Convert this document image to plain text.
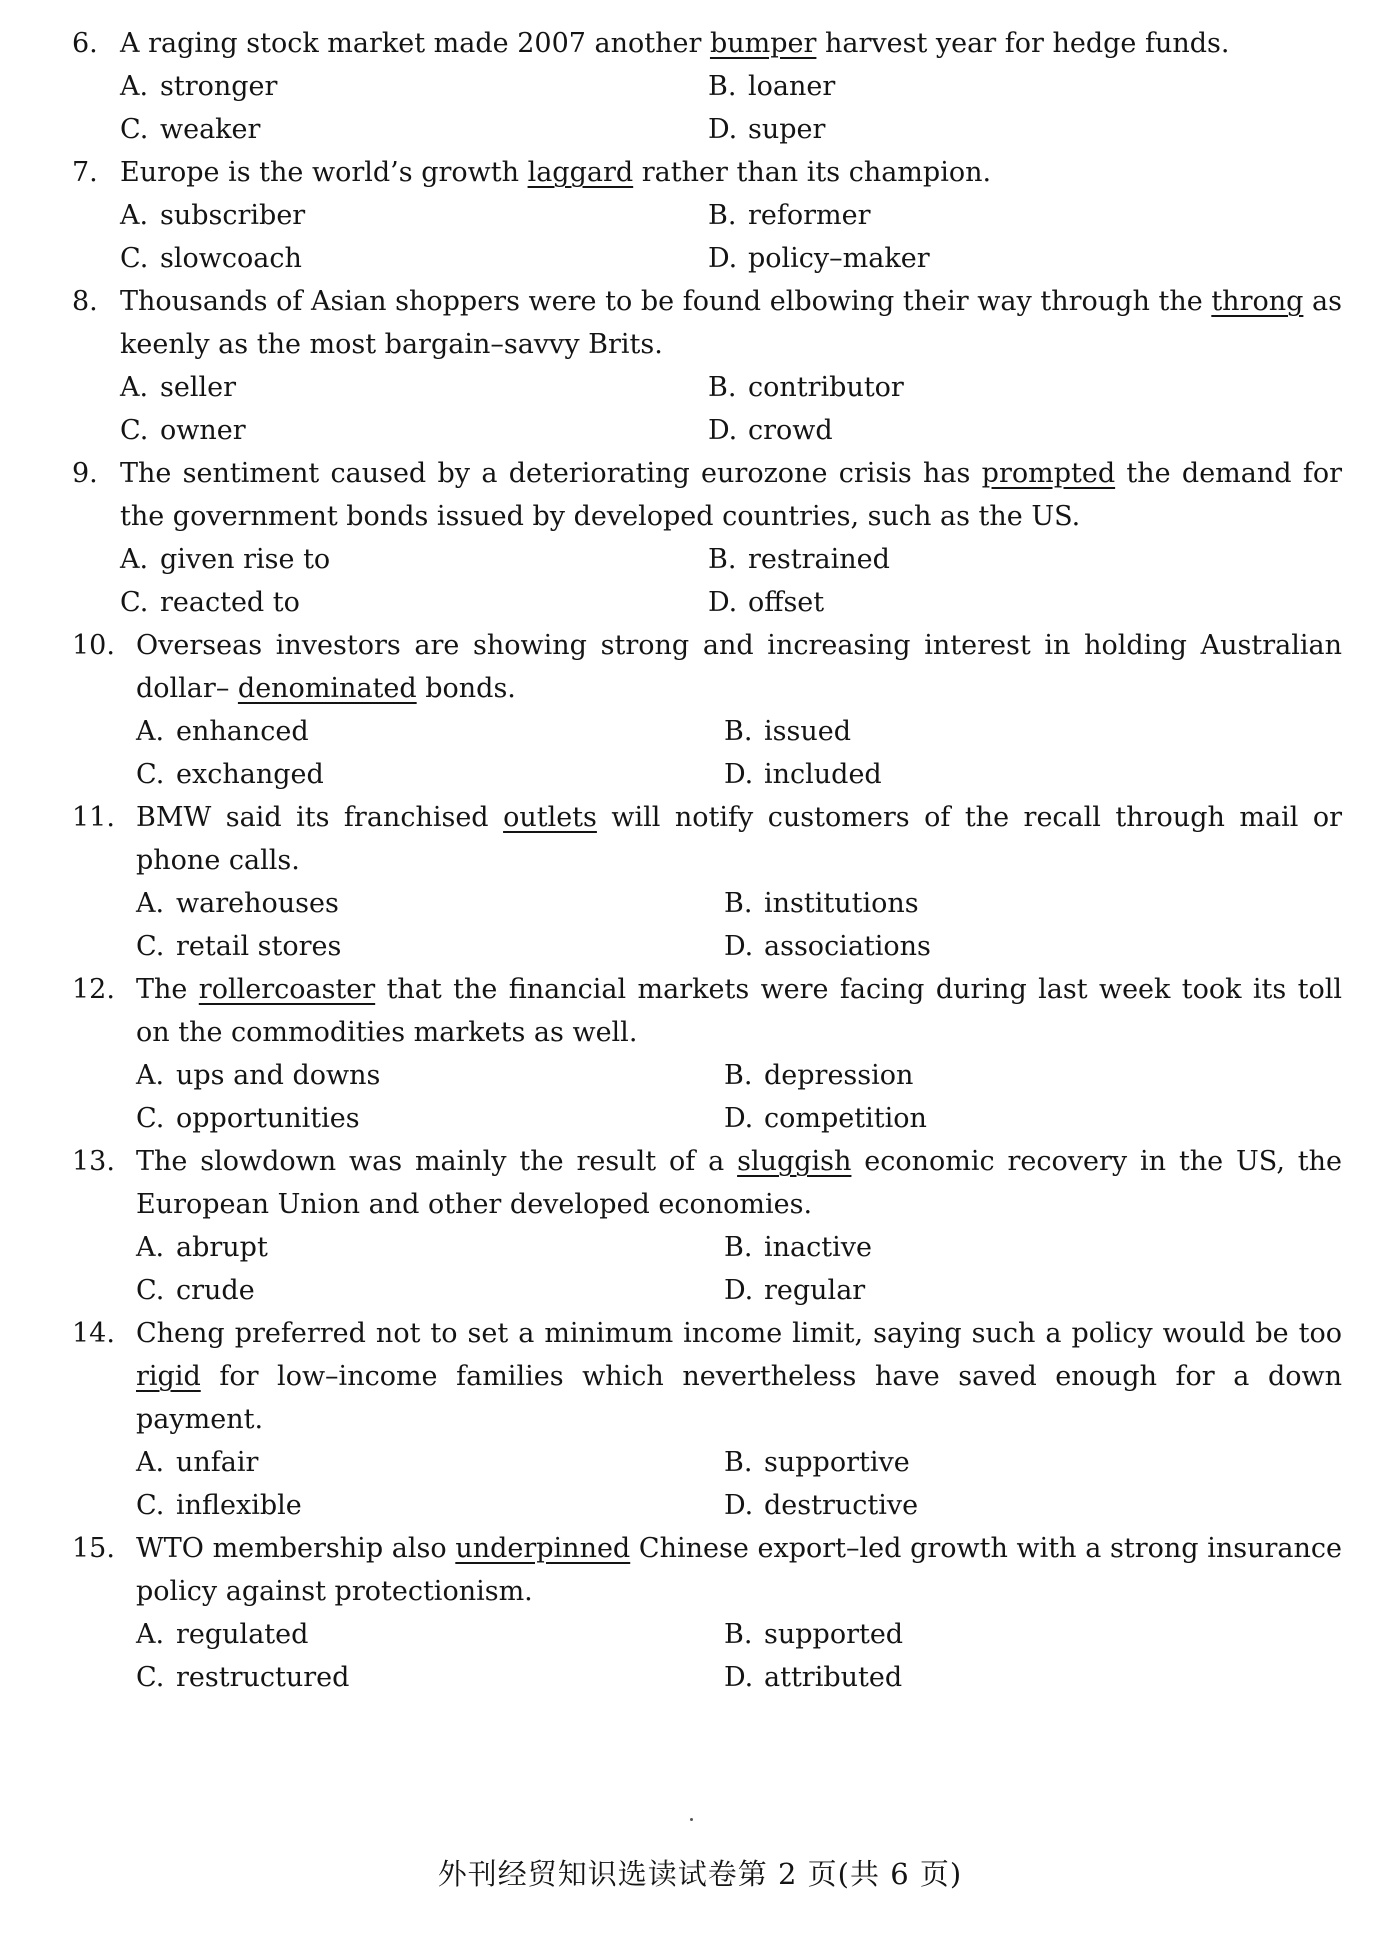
6. A raging stock market made 2007 another bumper harvest year for hedge funds.
A. stronger	B. loaner
C. weaker	D. super
7. Europe is the world’s growth laggard rather than its champion.
A. subscriber	B. reformer
C. slowcoach	D. policy–maker
8. Thousands of Asian shoppers were to be found elbowing their way through the throng as keenly as the most bargain–savvy Brits.
A. seller	B. contributor
C. owner	D. crowd
9. The sentiment caused by a deteriorating eurozone crisis has prompted the demand for the government bonds issued by developed countries, such as the US.
A. given rise to	B. restrained
C. reacted to	D. offset
10. Overseas investors are showing strong and increasing interest in holding Australian dollar– denominated bonds.
A. enhanced	B. issued
C. exchanged	D. included
11. BMW said its franchised outlets will notify customers of the recall through mail or phone calls.
A. warehouses	B. institutions
C. retail stores	D. associations
12. The rollercoaster that the financial markets were facing during last week took its toll on the commodities markets as well.
A. ups and downs	B. depression
C. opportunities	D. competition
13. The slowdown was mainly the result of a sluggish economic recovery in the US, the European Union and other developed economies.
A. abrupt	B. inactive
C. crude	D. regular
14. Cheng preferred not to set a minimum income limit, saying such a policy would be too rigid for low–income families which nevertheless have saved enough for a down payment.
A. unfair	B. supportive
C. inflexible	D. destructive
15. WTO membership also underpinned Chinese export–led growth with a strong insurance policy against protectionism.
A. regulated	B. supported
C. restructured	D. attributed
外刊经贸知识选读试卷第 2 页(共 6 页)
